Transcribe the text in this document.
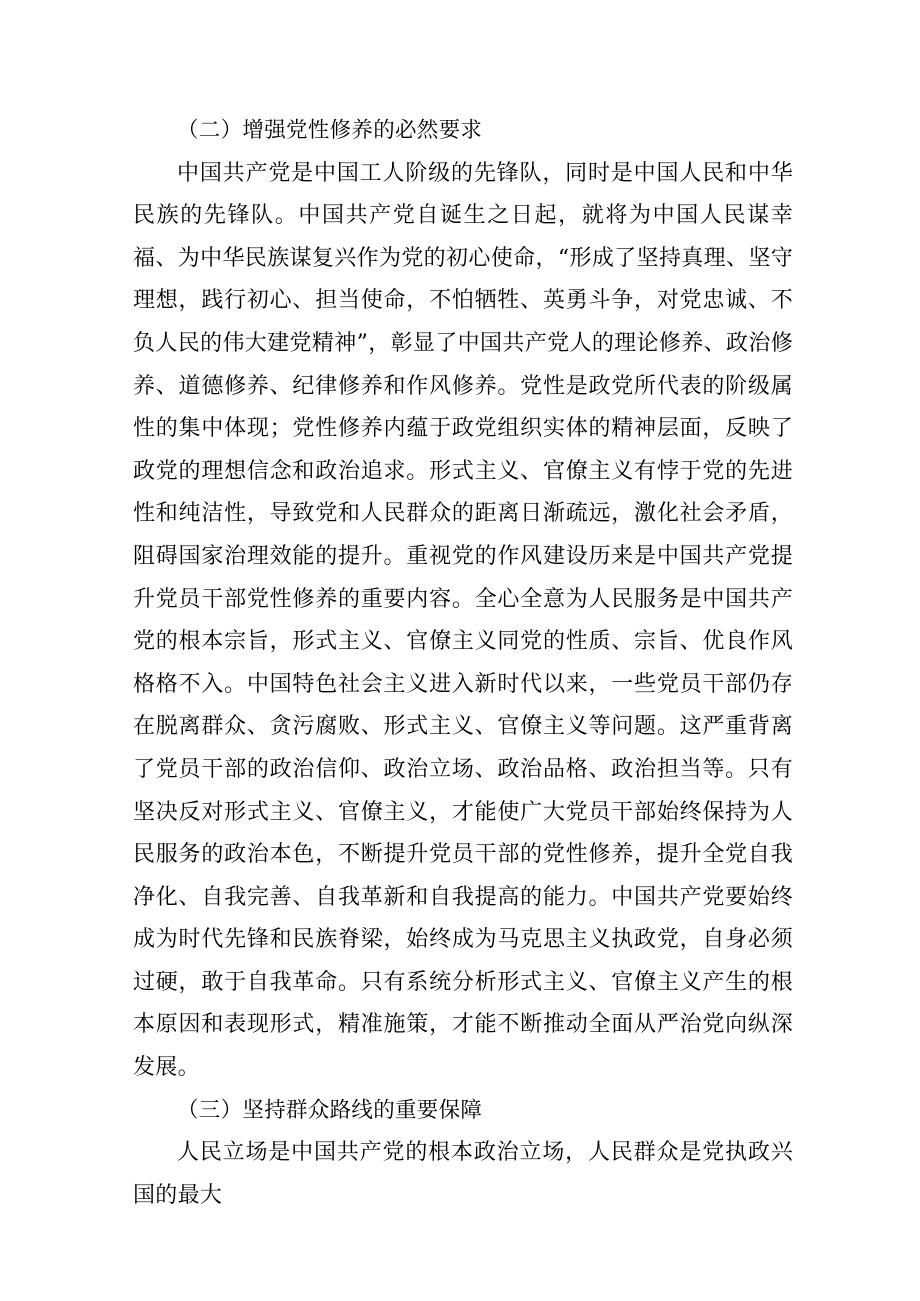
（二）增强党性修养的必然要求

中国共产党是中国工人阶级的先锋队，同时是中国人民和中华民族的先锋队。中国共产党自诞生之日起，就将为中国人民谋幸福、为中华民族谋复兴作为党的初心使命，“形成了坚持真理、坚守理想，践行初心、担当使命，不怕牺牲、英勇斗争，对党忠诚、不负人民的伟大建党精神”，彰显了中国共产党人的理论修养、政治修养、道德修养、纪律修养和作风修养。党性是政党所代表的阶级属性的集中体现；党性修养内蕴于政党组织实体的精神层面，反映了政党的理想信念和政治追求。形式主义、官僚主义有悖于党的先进性和纯洁性，导致党和人民群众的距离日渐疏远，激化社会矛盾，阻碍国家治理效能的提升。重视党的作风建设历来是中国共产党提升党员干部党性修养的重要内容。全心全意为人民服务是中国共产党的根本宗旨，形式主义、官僚主义同党的性质、宗旨、优良作风格格不入。中国特色社会主义进入新时代以来，一些党员干部仍存在脱离群众、贪污腐败、形式主义、官僚主义等问题。这严重背离了党员干部的政治信仰、政治立场、政治品格、政治担当等。只有坚决反对形式主义、官僚主义，才能使广大党员干部始终保持为人民服务的政治本色，不断提升党员干部的党性修养，提升全党自我净化、自我完善、自我革新和自我提高的能力。中国共产党要始终成为时代先锋和民族脊梁，始终成为马克思主义执政党，自身必须过硬，敢于自我革命。只有系统分析形式主义、官僚主义产生的根本原因和表现形式，精准施策，才能不断推动全面从严治党向纵深发展。

（三）坚持群众路线的重要保障

人民立场是中国共产党的根本政治立场，人民群众是党执政兴国的最大
